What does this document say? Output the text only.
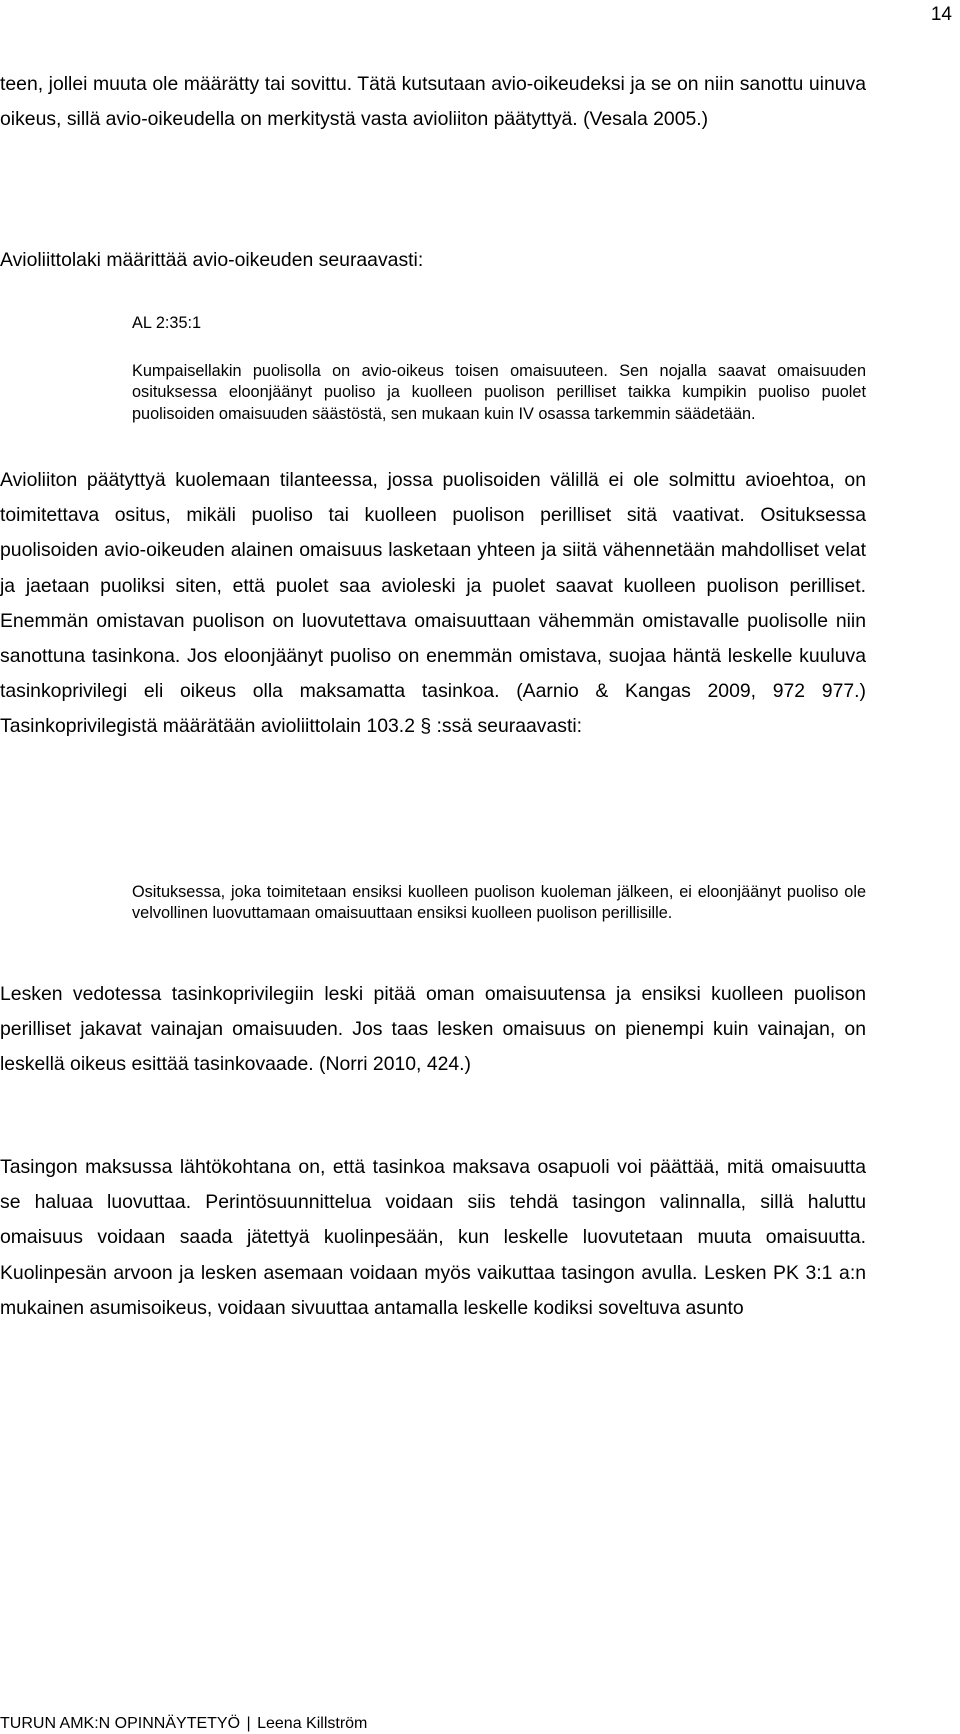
14

teen, jollei muuta ole määrätty tai sovittu. Tätä kutsutaan avio-oikeudeksi ja se on niin sanottu uinuva oikeus, sillä avio-oikeudella on merkitystä vasta avioliiton päätyttyä. (Vesala 2005.)

Avioliittolaki määrittää avio-oikeuden seuraavasti:

AL 2:35:1

Kumpaisellakin puolisolla on avio-oikeus toisen omaisuuteen. Sen nojalla saavat omaisuuden osituksessa eloonjäänyt puoliso ja kuolleen puolison perilliset taikka kumpikin puoliso puolet puolisoiden omaisuuden säästöstä, sen mukaan kuin IV osassa tarkemmin säädetään.

Avioliiton päätyttyä kuolemaan tilanteessa, jossa puolisoiden välillä ei ole solmittu avioehtoa, on toimitettava ositus, mikäli puoliso tai kuolleen puolison perilliset sitä vaativat. Osituksessa puolisoiden avio-oikeuden alainen omaisuus lasketaan yhteen ja siitä vähennetään mahdolliset velat ja jaetaan puoliksi siten, että puolet saa avioleski ja puolet saavat kuolleen puolison perilliset. Enemmän omistavan puolison on luovutettava omaisuuttaan vähemmän omistavalle puolisolle niin sanottuna tasinkona. Jos eloonjäänyt puoliso on enemmän omistava, suojaa häntä leskelle kuuluva tasinkoprivilegi eli oikeus olla maksamatta tasinkoa. (Aarnio & Kangas 2009, 972 977.) Tasinkoprivilegistä määrätään avioliittolain 103.2 § :ssä seuraavasti:

Osituksessa, joka toimitetaan ensiksi kuolleen puolison kuoleman jälkeen, ei eloonjäänyt puoliso ole velvollinen luovuttamaan omaisuuttaan ensiksi kuolleen puolison perillisille.

Lesken vedotessa tasinkoprivilegiin leski pitää oman omaisuutensa ja ensiksi kuolleen puolison perilliset jakavat vainajan omaisuuden. Jos taas lesken omaisuus on pienempi kuin vainajan, on leskellä oikeus esittää tasinkovaade. (Norri 2010, 424.)

Tasingon maksussa lähtökohtana on, että tasinkoa maksava osapuoli voi päättää, mitä omaisuutta se haluaa luovuttaa. Perintösuunnittelua voidaan siis tehdä tasingon valinnalla, sillä haluttu omaisuus voidaan saada jätettyä kuolinpesään, kun leskelle luovutetaan muuta omaisuutta. Kuolinpesän arvoon ja lesken asemaan voidaan myös vaikuttaa tasingon avulla. Lesken PK 3:1 a:n mukainen asumisoikeus, voidaan sivuuttaa antamalla leskelle kodiksi soveltuva asunto

TURUN AMK:N OPINNÄYTETYÖ | Leena Killström
